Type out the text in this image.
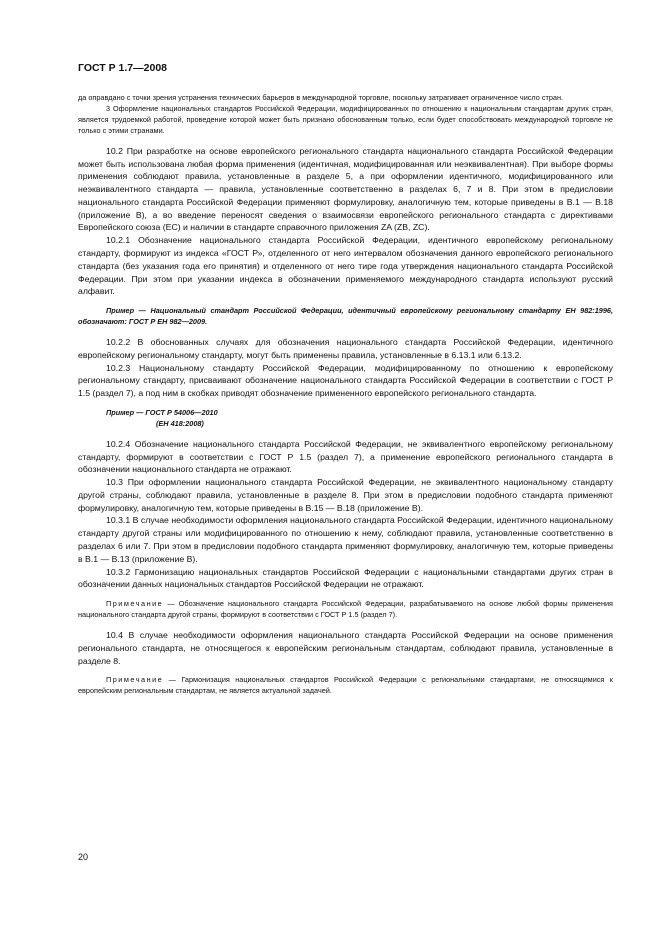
ГОСТ Р 1.7—2008

да оправдано с точки зрения устранения технических барьеров в международной торговле, поскольку затрагивает ограниченное число стран.

3 Оформление национальных стандартов Российской Федерации, модифицированных по отношению к национальным стандартам других стран, является трудоемкой работой, проведение которой может быть признано обоснованным только, если будет способствовать международной торговле не только с этими странами.

10.2 При разработке на основе европейского регионального стандарта национального стандарта Российской Федерации может быть использована любая форма применения (идентичная, модифицированная или неэквивалентная). При выборе формы применения соблюдают правила, установленные в разделе 5, а при оформлении идентичного, модифицированного или неэквивалентного стандарта — правила, установленные соответственно в разделах 6, 7 и 8. При этом в предисловии национального стандарта Российской Федерации применяют формулировку, аналогичную тем, которые приведены в В.1 — В.18 (приложение В), а во введение переносят сведения о взаимосвязи европейского регионального стандарта с директивами Европейского союза (ЕС) и наличии в стандарте справочного приложения ZA (ZB, ZC).

10.2.1 Обозначение национального стандарта Российской Федерации, идентичного европейскому региональному стандарту, формируют из индекса «ГОСТ Р», отделенного от него интервалом обозначения данного европейского регионального стандарта (без указания года его принятия) и отделенного от него тире года утверждения национального стандарта Российской Федерации. При этом при указании индекса в обозначении применяемого международного стандарта используют русский алфавит.

Пример — Национальный стандарт Российской Федерации, идентичный европейскому региональному стандарту ЕН 982:1996, обозначают: ГОСТ Р ЕН 982—2009.

10.2.2 В обоснованных случаях для обозначения национального стандарта Российской Федерации, идентичного европейскому региональному стандарту, могут быть применены правила, установленные в 6.13.1 или 6.13.2.

10.2.3 Национальному стандарту Российской Федерации, модифицированному по отношению к европейскому региональному стандарту, присваивают обозначение национального стандарта Российской Федерации в соответствии с ГОСТ Р 1.5 (раздел 7), а под ним в скобках приводят обозначение примененного европейского регионального стандарта.

Пример — ГОСТ Р 54006—2010
(ЕН 418:2008)

10.2.4 Обозначение национального стандарта Российской Федерации, не эквивалентного европейскому региональному стандарту, формируют в соответствии с ГОСТ Р 1.5 (раздел 7), а применение европейского регионального стандарта в обозначении национального стандарта не отражают.

10.3 При оформлении национального стандарта Российской Федерации, не эквивалентного национальному стандарту другой страны, соблюдают правила, установленные в разделе 8. При этом в предисловии подобного стандарта применяют формулировку, аналогичную тем, которые приведены в В.15 — В.18 (приложение В).

10.3.1 В случае необходимости оформления национального стандарта Российской Федерации, идентичного национальному стандарту другой страны или модифицированного по отношению к нему, соблюдают правила, установленные соответственно в разделах 6 или 7. При этом в предисловии подобного стандарта применяют формулировку, аналогичную тем, которые приведены в В.1 — В.13 (приложение В).

10.3.2 Гармонизацию национальных стандартов Российской Федерации с национальными стандартами других стран в обозначении данных национальных стандартов Российской Федерации не отражают.

Примечание — Обозначение национального стандарта Российской Федерации, разрабатываемого на основе любой формы применения национального стандарта другой страны, формируют в соответствии с ГОСТ Р 1.5 (раздел 7).

10.4 В случае необходимости оформления национального стандарта Российской Федерации на основе применения регионального стандарта, не относящегося к европейским региональным стандартам, соблюдают правила, установленные в разделе 8.

Примечание — Гармонизация национальных стандартов Российской Федерации с региональными стандартами, не относящимися к европейским региональным стандартам, не является актуальной задачей.

20
